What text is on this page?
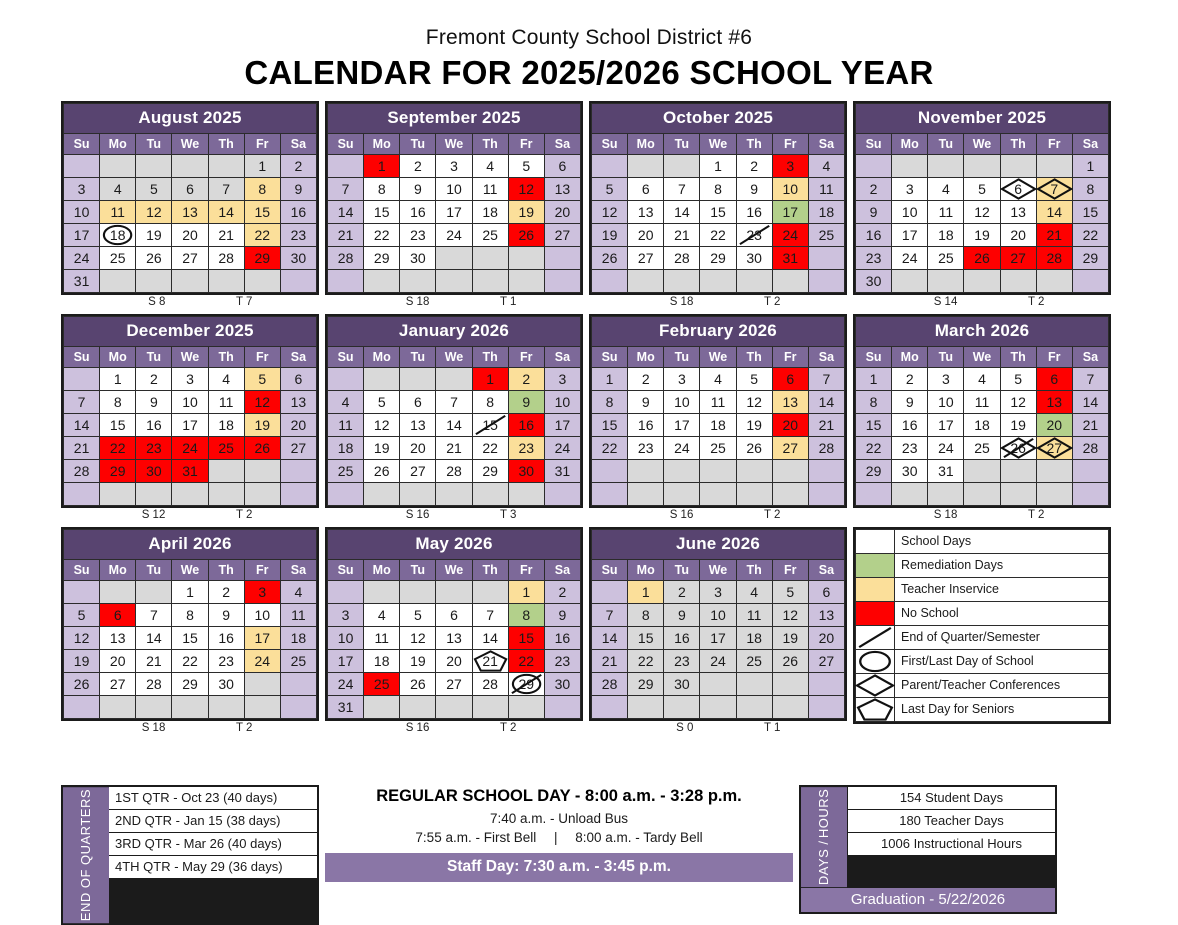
Fremont County School District #6
CALENDAR FOR 2025/2026 SCHOOL YEAR
August 2025						
Su	Mo	Tu	We	Th	Fr	Sa
					1	2
3	4	5	6	7	8	9
10	11	12	13	14	15	16
17	18	19	20	21	22	23
24	25	26	27	28	29	30
31						
S 8	T 7
September 2025						
Su	Mo	Tu	We	Th	Fr	Sa
	1	2	3	4	5	6
7	8	9	10	11	12	13
14	15	16	17	18	19	20
21	22	23	24	25	26	27
28	29	30				

S 18	T 1
October 2025						
Su	Mo	Tu	We	Th	Fr	Sa
			1	2	3	4
5	6	7	8	9	10	11
12	13	14	15	16	17	18
19	20	21	22	23	24	25
26	27	28	29	30	31	

S 18	T 2
November 2025						
Su	Mo	Tu	We	Th	Fr	Sa
						1
2	3	4	5	6	7	8
9	10	11	12	13	14	15
16	17	18	19	20	21	22
23	24	25	26	27	28	29
30						
S 14	T 2
December 2025						
Su	Mo	Tu	We	Th	Fr	Sa
	1	2	3	4	5	6
7	8	9	10	11	12	13
14	15	16	17	18	19	20
21	22	23	24	25	26	27
28	29	30	31			

S 12	T 2
January 2026						
Su	Mo	Tu	We	Th	Fr	Sa
				1	2	3
4	5	6	7	8	9	10
11	12	13	14	15	16	17
18	19	20	21	22	23	24
25	26	27	28	29	30	31

S 16	T 3
February 2026						
Su	Mo	Tu	We	Th	Fr	Sa
1	2	3	4	5	6	7
8	9	10	11	12	13	14
15	16	17	18	19	20	21
22	23	24	25	26	27	28

S 16	T 2
March 2026						
Su	Mo	Tu	We	Th	Fr	Sa
1	2	3	4	5	6	7
8	9	10	11	12	13	14
15	16	17	18	19	20	21
22	23	24	25	26	27	28
29	30	31				

S 18	T 2
April 2026						
Su	Mo	Tu	We	Th	Fr	Sa
			1	2	3	4
5	6	7	8	9	10	11
12	13	14	15	16	17	18
19	20	21	22	23	24	25
26	27	28	29	30		

S 18	T 2
May 2026						
Su	Mo	Tu	We	Th	Fr	Sa
					1	2
3	4	5	6	7	8	9
10	11	12	13	14	15	16
17	18	19	20	21	22	23
24	25	26	27	28	29	30
31						
S 16	T 2
June 2026						
Su	Mo	Tu	We	Th	Fr	Sa
	1	2	3	4	5	6
7	8	9	10	11	12	13
14	15	16	17	18	19	20
21	22	23	24	25	26	27
28	29	30				

S 0	T 1
	School Days

	Remediation Days

	Teacher Inservice

	No School

	End of Quarter/Semester

	First/Last Day of School

	Parent/Teacher Conferences

	Last Day for Seniors
END OF QUARTERS	1ST QTR - Oct 23 (40 days)
2ND QTR - Jan 15 (38 days)
3RD QTR - Mar 26 (40 days)
4TH QTR - May 29 (36 days)
REGULAR SCHOOL DAY - 8:00 a.m. - 3:28 p.m.
7:40 a.m. - Unload Bus
7:55 a.m. - First Bell | 8:00 a.m. - Tardy Bell
Staff Day: 7:30 a.m. - 3:45 p.m.	DAYS /
HOURS	154 Student Days
180 Teacher Days
1006 Instructional Hours
Graduation - 5/22/2026
